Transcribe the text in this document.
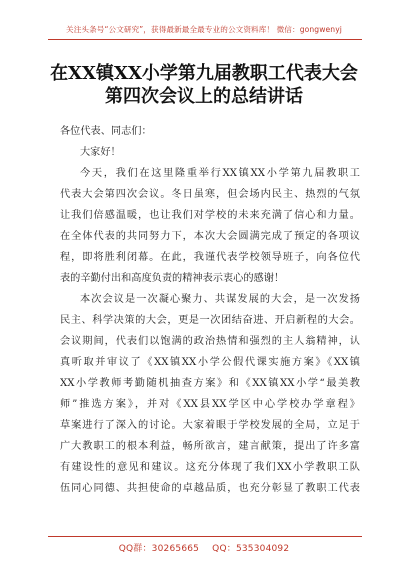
关注头条号“公文研究”，获得最新最全最专业的公文资料库！ 微信：gongwenyj
在XX镇XX小学第九届教职工代表大会
第四次会议上的总结讲话
各位代表、同志们：
大家好！
今天，我们在这里隆重举行XX镇XX小学第九届教职工
代表大会第四次会议。冬日虽寒，但会场内民主、热烈的气氛
让我们倍感温暖，也让我们对学校的未来充满了信心和力量。
在全体代表的共同努力下，本次大会圆满完成了预定的各项议
程，即将胜利闭幕。在此，我谨代表学校领导班子，向各位代
表的辛勤付出和高度负责的精神表示衷心的感谢！
本次会议是一次凝心聚力、共谋发展的大会，是一次发扬
民主、科学决策的大会，更是一次团结奋进、开启新程的大会。
会议期间，代表们以饱满的政治热情和强烈的主人翁精神，认
真听取并审议了《XX镇XX小学公假代课实施方案》《XX镇
XX小学教师考勤随机抽查方案》和《XX镇XX小学“最美教
师”推选方案》，并对《XX县XX学区中心学校办学章程》
草案进行了深入的讨论。大家着眼于学校发展的全局，立足于
广大教职工的根本利益，畅所欲言，建言献策，提出了许多富
有建设性的意见和建议。这充分体现了我们XX小学教职工队
伍同心同德、共担使命的卓越品质，也充分彰显了教职工代表
QQ群：30265665 QQ：535304092
